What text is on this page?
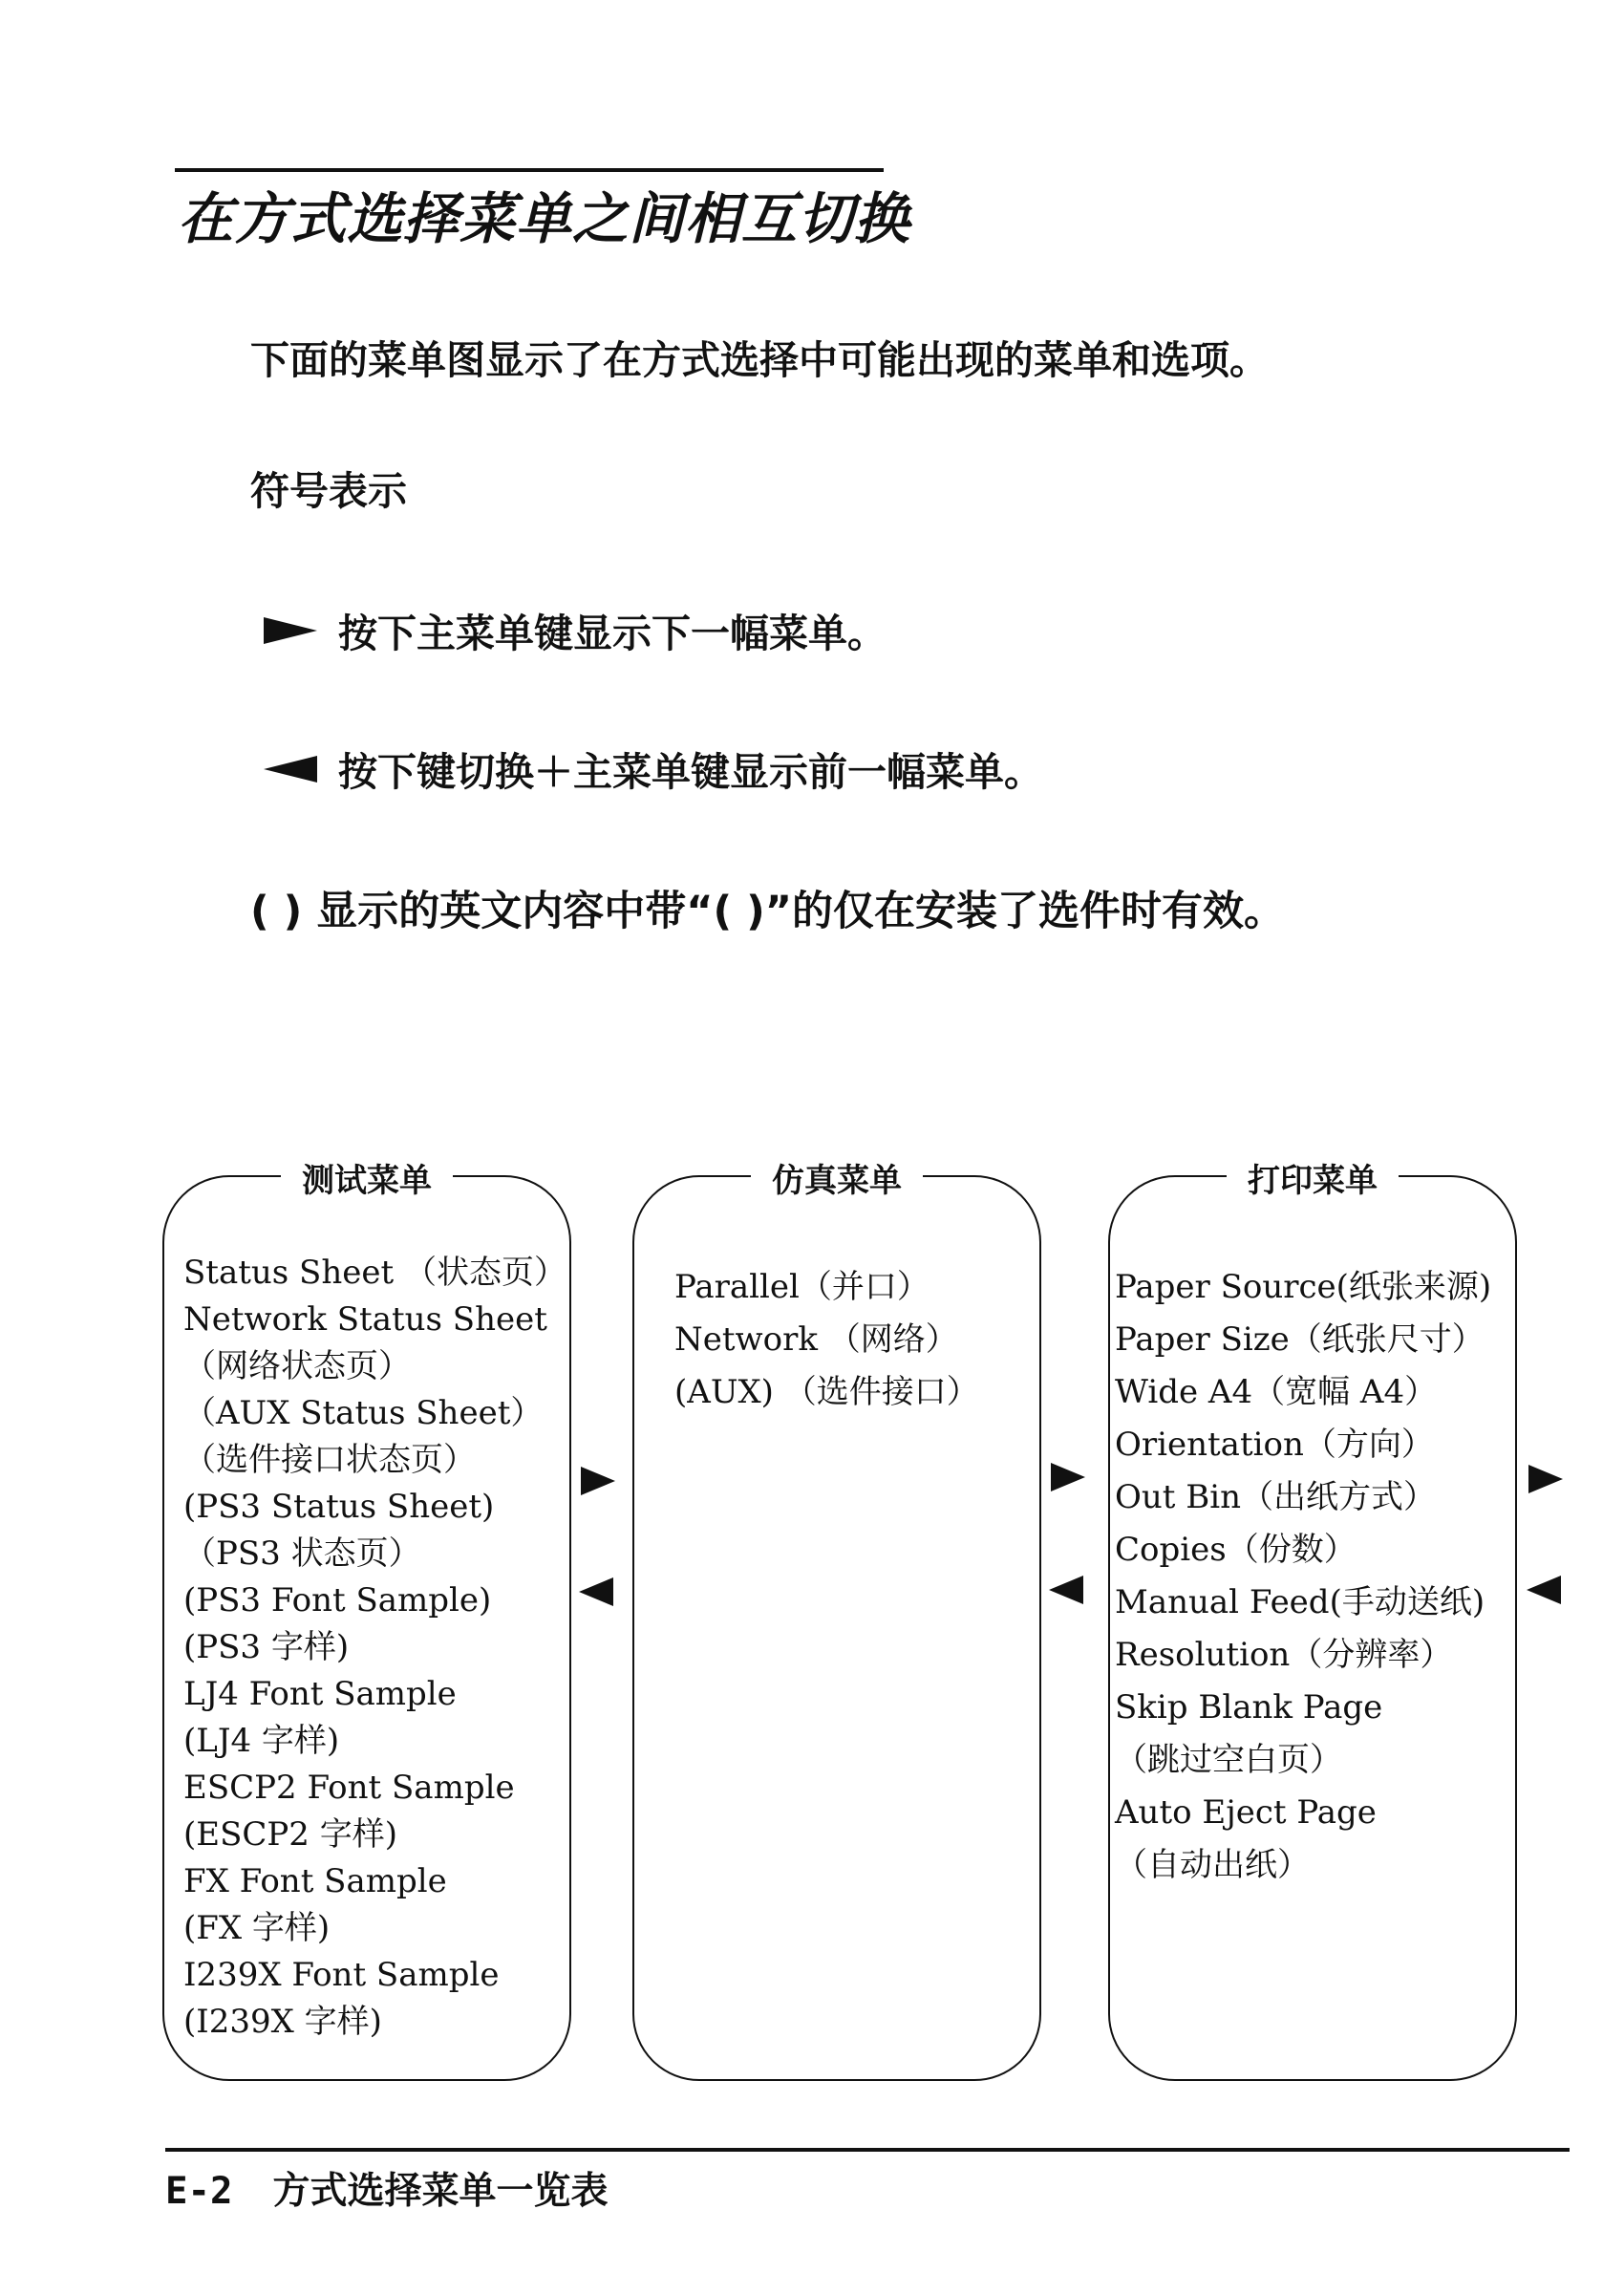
在方式选择菜单之间相互切换
下面的菜单图显示了在方式选择中可能出现的菜单和选项。
符号表示
按下主菜单键显示下一幅菜单。
按下键切换＋主菜单键显示前一幅菜单。
( ) 显示的英文内容中带“( )”的仅在安装了选件时有效。
测试菜单
Status Sheet （状态页）
Network Status Sheet
（网络状态页）
（AUX Status Sheet）
（选件接口状态页）
(PS3 Status Sheet)
（PS3 状态页）
(PS3 Font Sample)
(PS3 字样)
LJ4 Font Sample
(LJ4 字样)
ESCP2 Font Sample
(ESCP2 字样)
FX Font Sample
(FX 字样)
I239X Font Sample
(I239X 字样)
仿真菜单
Parallel（并口）
Network （网络）
(AUX) （选件接口）
打印菜单
Paper Source(纸张来源)
Paper Size（纸张尺寸）
Wide A4（宽幅 A4）
Orientation（方向）
Out Bin（出纸方式）
Copies（份数）
Manual Feed(手动送纸)
Resolution（分辨率）
Skip Blank Page
（跳过空白页）
Auto Eject Page
（自动出纸）
E-2 方式选择菜单一览表
